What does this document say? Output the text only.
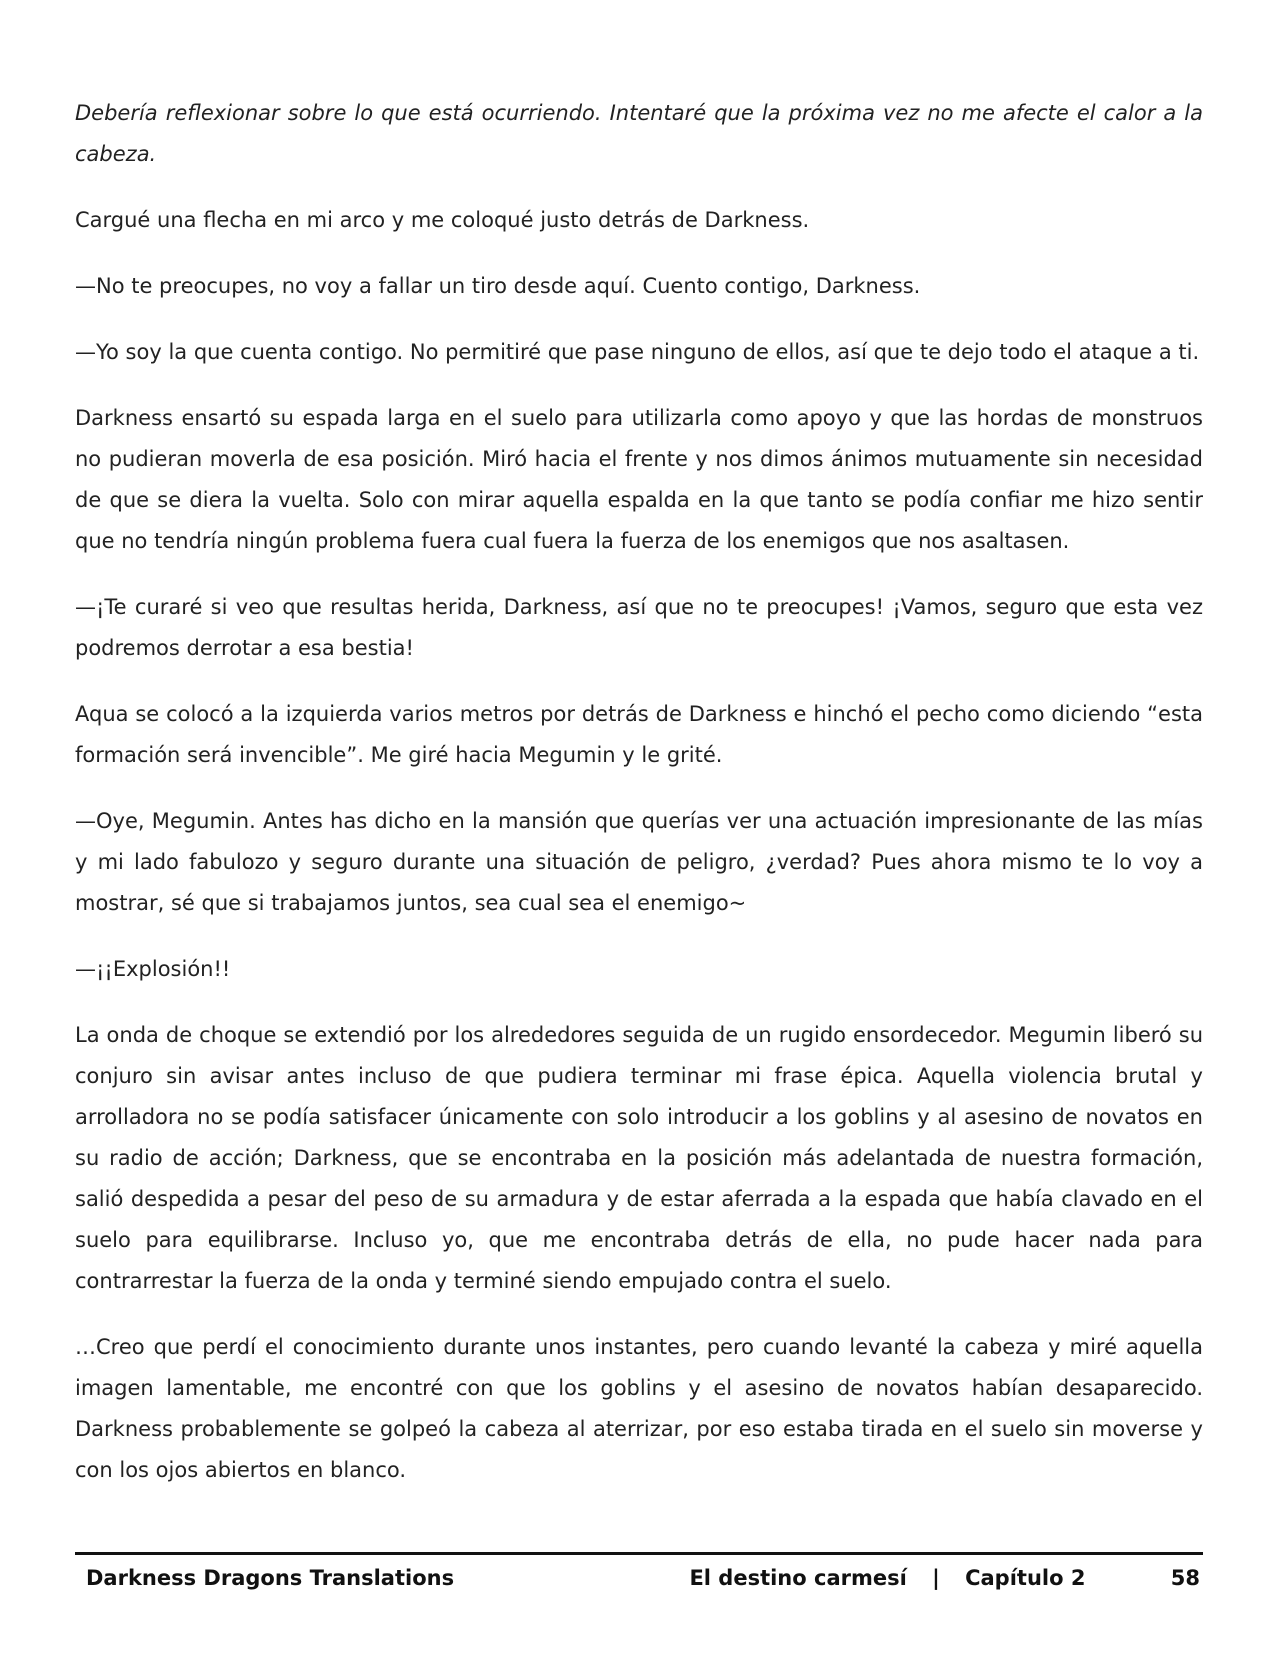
Debería reflexionar sobre lo que está ocurriendo. Intentaré que la próxima vez no me afecte el calor a la cabeza.

Cargué una flecha en mi arco y me coloqué justo detrás de Darkness.

—No te preocupes, no voy a fallar un tiro desde aquí. Cuento contigo, Darkness.

—Yo soy la que cuenta contigo. No permitiré que pase ninguno de ellos, así que te dejo todo el ataque a ti.

Darkness ensartó su espada larga en el suelo para utilizarla como apoyo y que las hordas de monstruos no pudieran moverla de esa posición. Miró hacia el frente y nos dimos ánimos mutuamente sin necesidad de que se diera la vuelta. Solo con mirar aquella espalda en la que tanto se podía confiar me hizo sentir que no tendría ningún problema fuera cual fuera la fuerza de los enemigos que nos asaltasen.

—¡Te curaré si veo que resultas herida, Darkness, así que no te preocupes! ¡Vamos, seguro que esta vez podremos derrotar a esa bestia!

Aqua se colocó a la izquierda varios metros por detrás de Darkness e hinchó el pecho como diciendo “esta formación será invencible”. Me giré hacia Megumin y le grité.

—Oye, Megumin. Antes has dicho en la mansión que querías ver una actuación impresionante de las mías y mi lado fabulozo y seguro durante una situación de peligro, ¿verdad? Pues ahora mismo te lo voy a mostrar, sé que si trabajamos juntos, sea cual sea el enemigo~

—¡¡Explosión!!

La onda de choque se extendió por los alrededores seguida de un rugido ensordecedor. Megumin liberó su conjuro sin avisar antes incluso de que pudiera terminar mi frase épica. Aquella violencia brutal y arrolladora no se podía satisfacer únicamente con solo introducir a los goblins y al asesino de novatos en su radio de acción; Darkness, que se encontraba en la posición más adelantada de nuestra formación, salió despedida a pesar del peso de su armadura y de estar aferrada a la espada que había clavado en el suelo para equilibrarse. Incluso yo, que me encontraba detrás de ella, no pude hacer nada para contrarrestar la fuerza de la onda y terminé siendo empujado contra el suelo.

…Creo que perdí el conocimiento durante unos instantes, pero cuando levanté la cabeza y miré aquella imagen lamentable, me encontré con que los goblins y el asesino de novatos habían desaparecido. Darkness probablemente se golpeó la cabeza al aterrizar, por eso estaba tirada en el suelo sin moverse y con los ojos abiertos en blanco.

Darkness Dragons Translations	El destino carmesí | Capítulo 2	58
